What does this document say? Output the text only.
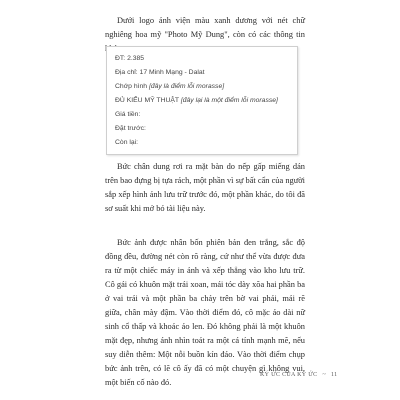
Dưới logo ảnh viện màu xanh dương với nét chữ nghiêng hoa mỹ "Photo Mỹ Dung", còn có các thông tin
ĐT: 2.385
Địa chỉ: 17 Minh Mạng - Dalat
Chớp hình [đây là điểm lỗi morasse]
ĐỦ KIỂU MỸ THUẬT [đây lại là một điểm lỗi morasse]
Giá tiền:
Đặt trước:
Còn lại:
Bức chân dung rơi ra mặt bàn do nếp gấp miếng dán trên bao đựng bị tựa rách, một phần vì sự bất cẩn của người sắp xếp hình ảnh lưu trữ trước đó, một phần khác, do tôi đã sơ suất khi mở bó tài liệu này.
Bức ảnh được nhân bốn phiên bản đen trắng, sắc độ đồng đều, đường nét còn rõ ràng, cứ như thể vừa được đưa ra từ một chiếc máy in ảnh và xếp thẳng vào kho lưu trữ. Cô gái có khuôn mặt trái xoan, mái tóc dày xõa hai phần ba ở vai trái và một phần ba chảy trên bờ vai phải, mái rẽ giữa, chân mày đậm. Vào thời điểm đó, cô mặc áo dài nữ sinh cổ thấp và khoác áo len. Đó không phải là một khuôn mặt đẹp, nhưng ánh nhìn toát ra một cá tính mạnh mẽ, nếu suy diễn thêm: Một nỗi buồn kín đáo. Vào thời điểm chụp bức ảnh trên, có lẽ cô ấy đã có một chuyện gì không vui, một biến cố nào đó.
KÝ ỨC CỦA KÝ ỨC ~ 11
